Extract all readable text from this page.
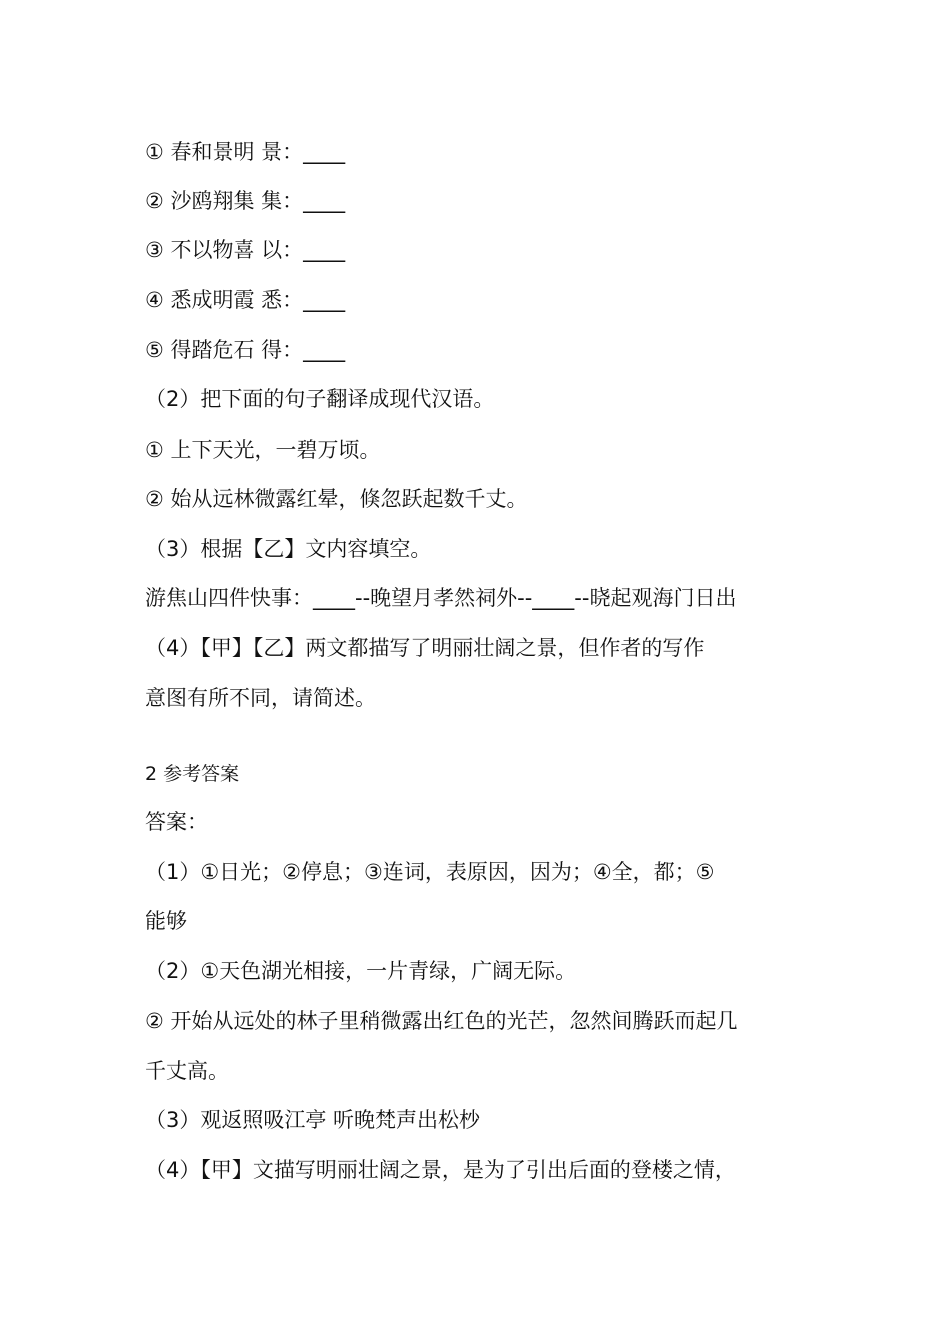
① 春和景明 景：____
② 沙鸥翔集 集：____
③ 不以物喜 以：____
④ 悉成明霞 悉：____
⑤ 得踏危石 得：____
（2）把下面的句子翻译成现代汉语。
① 上下天光，一碧万顷。
② 始从远林微露红晕，倏忽跃起数千丈。
（3）根据【乙】文内容填空。
游焦山四件快事：____--晚望月孝然祠外--____--晓起观海门日出
（4）【甲】【乙】两文都描写了明丽壮阔之景，但作者的写作
意图有所不同，请简述。
2 参考答案
答案：
（1）①日光；②停息；③连词，表原因，因为；④全，都；⑤
能够
（2）①天色湖光相接，一片青绿，广阔无际。
② 开始从远处的林子里稍微露出红色的光芒，忽然间腾跃而起几
千丈高。
（3）观返照吸江亭 听晚梵声出松杪
（4）【甲】文描写明丽壮阔之景，是为了引出后面的登楼之情，
